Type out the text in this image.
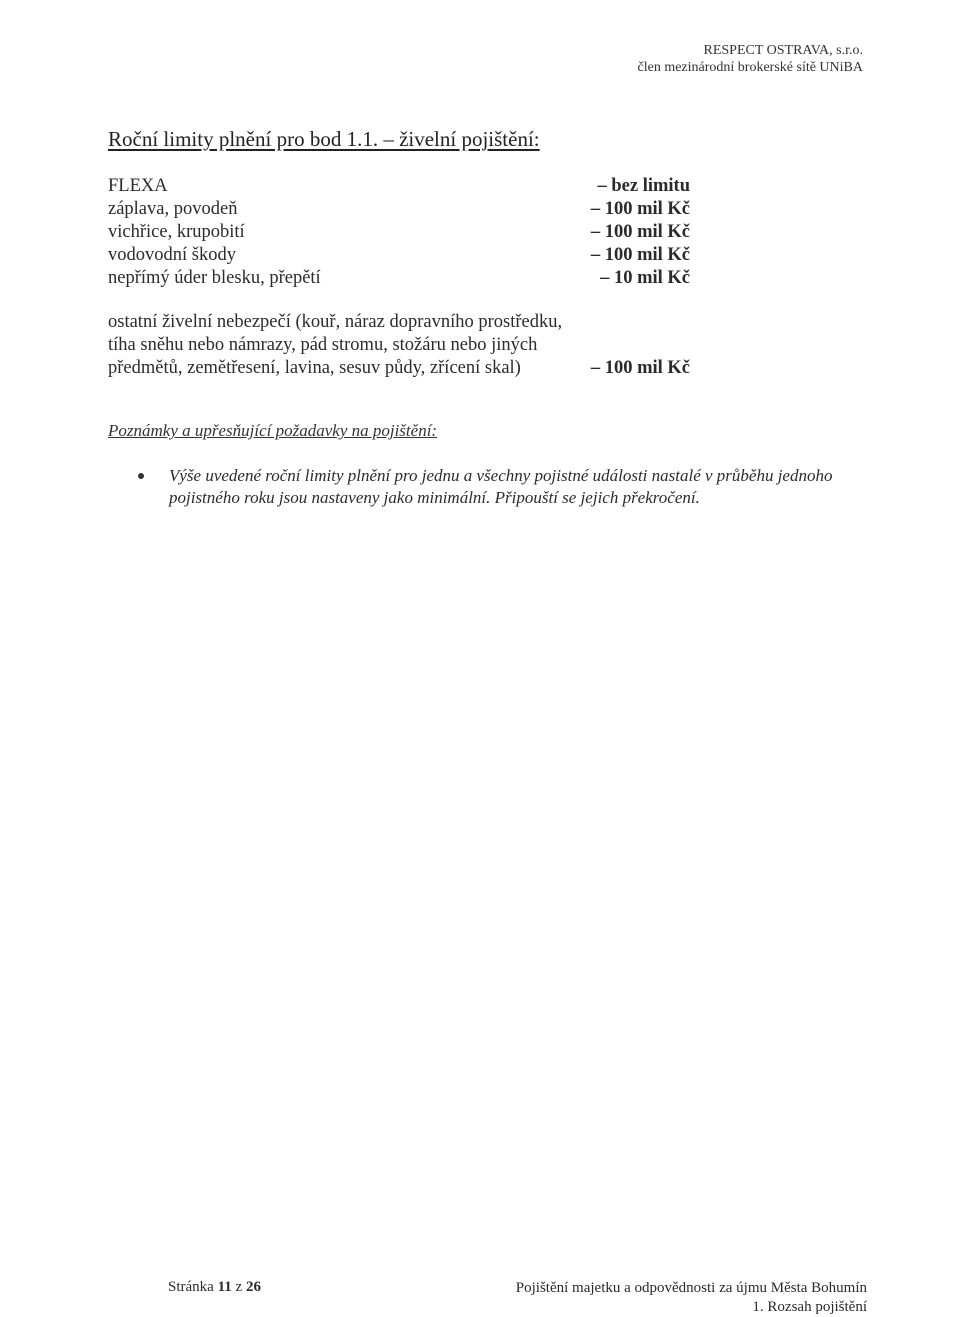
RESPECT OSTRAVA, s.r.o.
člen mezinárodní brokerské sítě UNiBA
Roční limity plnění pro bod 1.1. – živelní pojištění:
FLEXA	– bez limitu
záplava, povodeň	– 100 mil Kč
vichřice, krupobití	– 100 mil Kč
vodovodní škody	– 100 mil Kč
nepřímý úder blesku, přepětí	– 10 mil Kč
ostatní živelní nebezpečí (kouř, náraz dopravního prostředku,
tíha sněhu nebo námrazy, pád stromu, stožáru nebo jiných
předmětů, zemětřesení, lavina, sesuv půdy, zřícení skal)	– 100 mil Kč
Poznámky a upřesňující požadavky na pojištění:
Výše uvedené roční limity plnění pro jednu a všechny pojistné události nastalé v průběhu jednoho pojistného roku jsou nastaveny jako minimální. Připouští se jejich překročení.
Stránka 11 z 26	Pojištění majetku a odpovědnosti za újmu Města Bohumín
1. Rozsah pojištění
